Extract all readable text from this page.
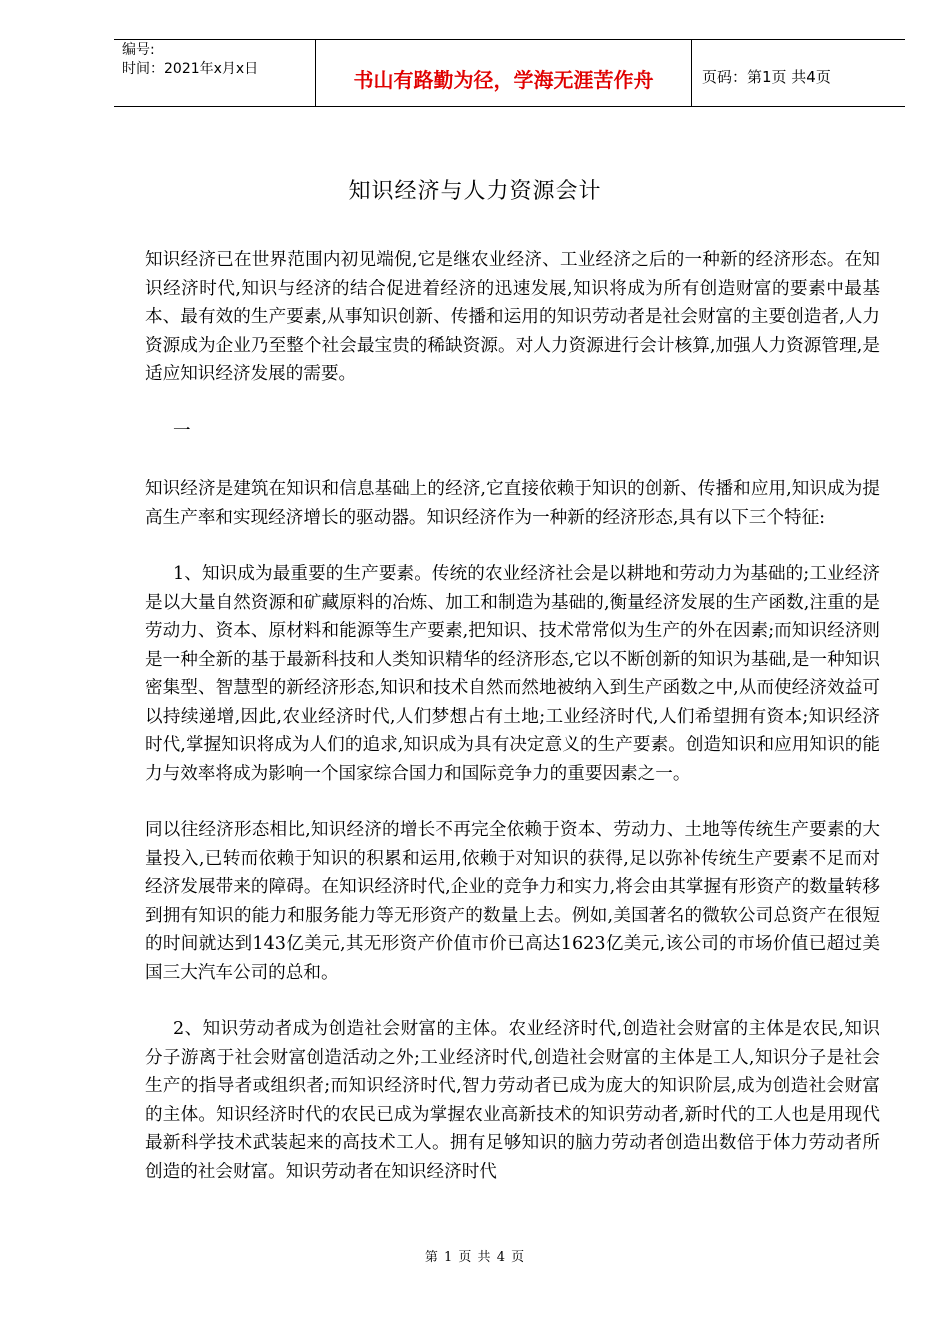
编号:
时间：2021年x月x日	书山有路勤为径，学海无涯苦作舟	页码：第1页 共4页
知识经济与人力资源会计

知识经济已在世界范围内初见端倪,它是继农业经济、工业经济之后的一种新的经济形态。在知识经济时代,知识与经济的结合促进着经济的迅速发展,知识将成为所有创造财富的要素中最基本、最有效的生产要素,从事知识创新、传播和运用的知识劳动者是社会财富的主要创造者,人力资源成为企业乃至整个社会最宝贵的稀缺资源。对人力资源进行会计核算,加强人力资源管理,是适应知识经济发展的需要。

一

知识经济是建筑在知识和信息基础上的经济,它直接依赖于知识的创新、传播和应用,知识成为提高生产率和实现经济增长的驱动器。知识经济作为一种新的经济形态,具有以下三个特征:

1、知识成为最重要的生产要素。传统的农业经济社会是以耕地和劳动力为基础的;工业经济是以大量自然资源和矿藏原料的冶炼、加工和制造为基础的,衡量经济发展的生产函数,注重的是劳动力、资本、原材料和能源等生产要素,把知识、技术常常似为生产的外在因素;而知识经济则是一种全新的基于最新科技和人类知识精华的经济形态,它以不断创新的知识为基础,是一种知识密集型、智慧型的新经济形态,知识和技术自然而然地被纳入到生产函数之中,从而使经济效益可以持续递增,因此,农业经济时代,人们梦想占有土地;工业经济时代,人们希望拥有资本;知识经济时代,掌握知识将成为人们的追求,知识成为具有决定意义的生产要素。创造知识和应用知识的能力与效率将成为影响一个国家综合国力和国际竞争力的重要因素之一。

同以往经济形态相比,知识经济的增长不再完全依赖于资本、劳动力、土地等传统生产要素的大量投入,已转而依赖于知识的积累和运用,依赖于对知识的获得,足以弥补传统生产要素不足而对经济发展带来的障碍。在知识经济时代,企业的竞争力和实力,将会由其掌握有形资产的数量转移到拥有知识的能力和服务能力等无形资产的数量上去。例如,美国著名的微软公司总资产在很短的时间就达到143亿美元,其无形资产价值市价已高达1623亿美元,该公司的市场价值已超过美国三大汽车公司的总和。

2、知识劳动者成为创造社会财富的主体。农业经济时代,创造社会财富的主体是农民,知识分子游离于社会财富创造活动之外;工业经济时代,创造社会财富的主体是工人,知识分子是社会生产的指导者或组织者;而知识经济时代,智力劳动者已成为庞大的知识阶层,成为创造社会财富的主体。知识经济时代的农民已成为掌握农业高新技术的知识劳动者,新时代的工人也是用现代最新科学技术武装起来的高技术工人。拥有足够知识的脑力劳动者创造出数倍于体力劳动者所创造的社会财富。知识劳动者在知识经济时代

第 1 页 共 4 页
